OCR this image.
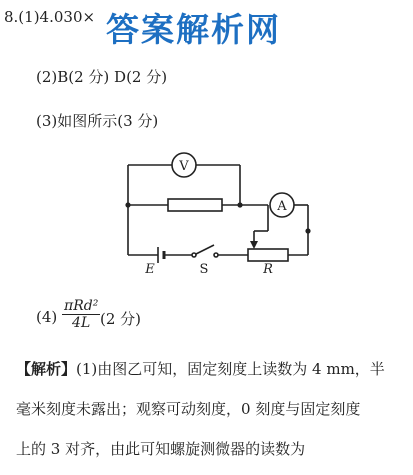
8.(1)4.030× 答案解析网
(2)B(2 分) D(2 分)
(3)如图所示(3 分)
V
A
E	S	R
(4)
πRd²
4L (2 分)
【解析】(1)由图乙可知，固定刻度上读数为 4 mm，半
毫米刻度未露出；观察可动刻度，0 刻度与固定刻度
上的 3 对齐，由此可知螺旋测微器的读数为
